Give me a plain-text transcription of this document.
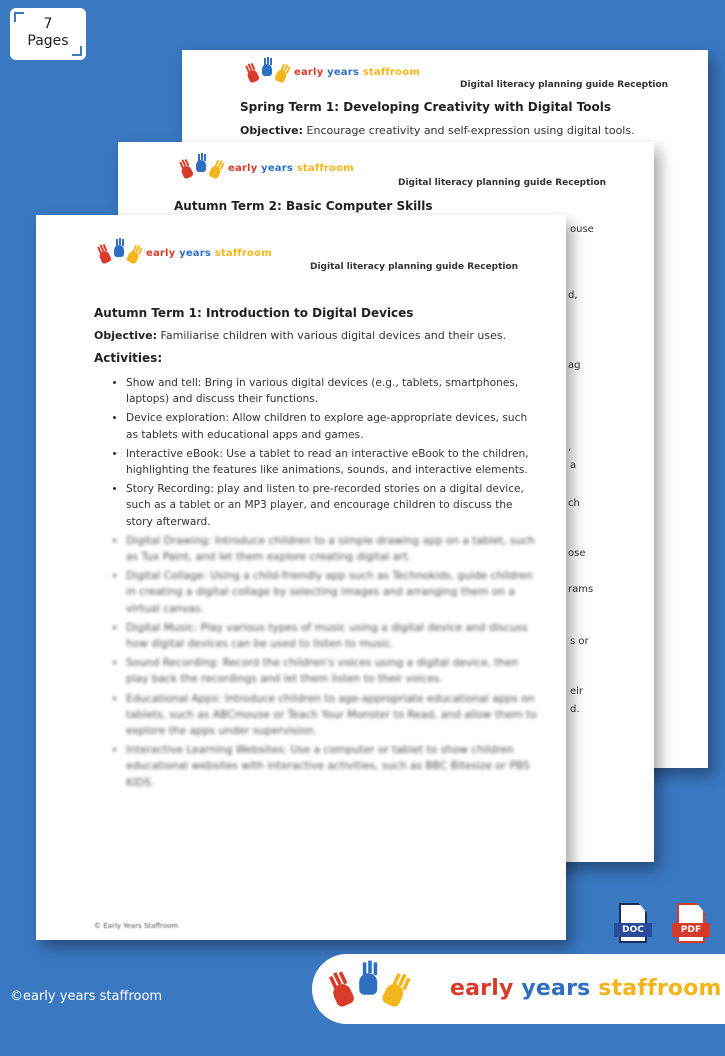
7
Pages
early years staffroom
Digital literacy planning guide Reception
Spring Term 1: Developing Creativity with Digital Tools
Objective: Encourage creativity and self-expression using digital tools.
early years staffroom
Digital literacy planning guide Reception
Autumn Term 2: Basic Computer Skills
ouse
d,
ag
,
a
ch
ose
rams
s or
eir
d.
early years staffroom
Digital literacy planning guide Reception
Autumn Term 1: Introduction to Digital Devices
Objective: Familiarise children with various digital devices and their uses.
Activities:
• Show and tell: Bring in various digital devices (e.g., tablets, smartphones, laptops) and discuss their functions.
• Device exploration: Allow children to explore age-appropriate devices, such as tablets with educational apps and games.
• Interactive eBook: Use a tablet to read an interactive eBook to the children, highlighting the features like animations, sounds, and interactive elements.
• Story Recording: play and listen to pre-recorded stories on a digital device, such as a tablet or an MP3 player, and encourage children to discuss the story afterward.
• Digital Drawing: Introduce children to a simple drawing app on a tablet, such as Tux Paint, and let them explore creating digital art.
• Digital Collage: Using a child-friendly app such as Technokids, guide children in creating a digital collage by selecting images and arranging them on a virtual canvas.
• Digital Music: Play various types of music using a digital device and discuss how digital devices can be used to listen to music.
• Sound Recording: Record the children's voices using a digital device, then play back the recordings and let them listen to their voices.
• Educational Apps: Introduce children to age-appropriate educational apps on tablets, such as ABCmouse or Teach Your Monster to Read, and allow them to explore the apps under supervision.
• Interactive Learning Websites: Use a computer or tablet to show children educational websites with interactive activities, such as BBC Bitesize or PBS KIDS.
© Early Years Staffroom	DOC	PDF
©early years staffroom	early years staffroom
